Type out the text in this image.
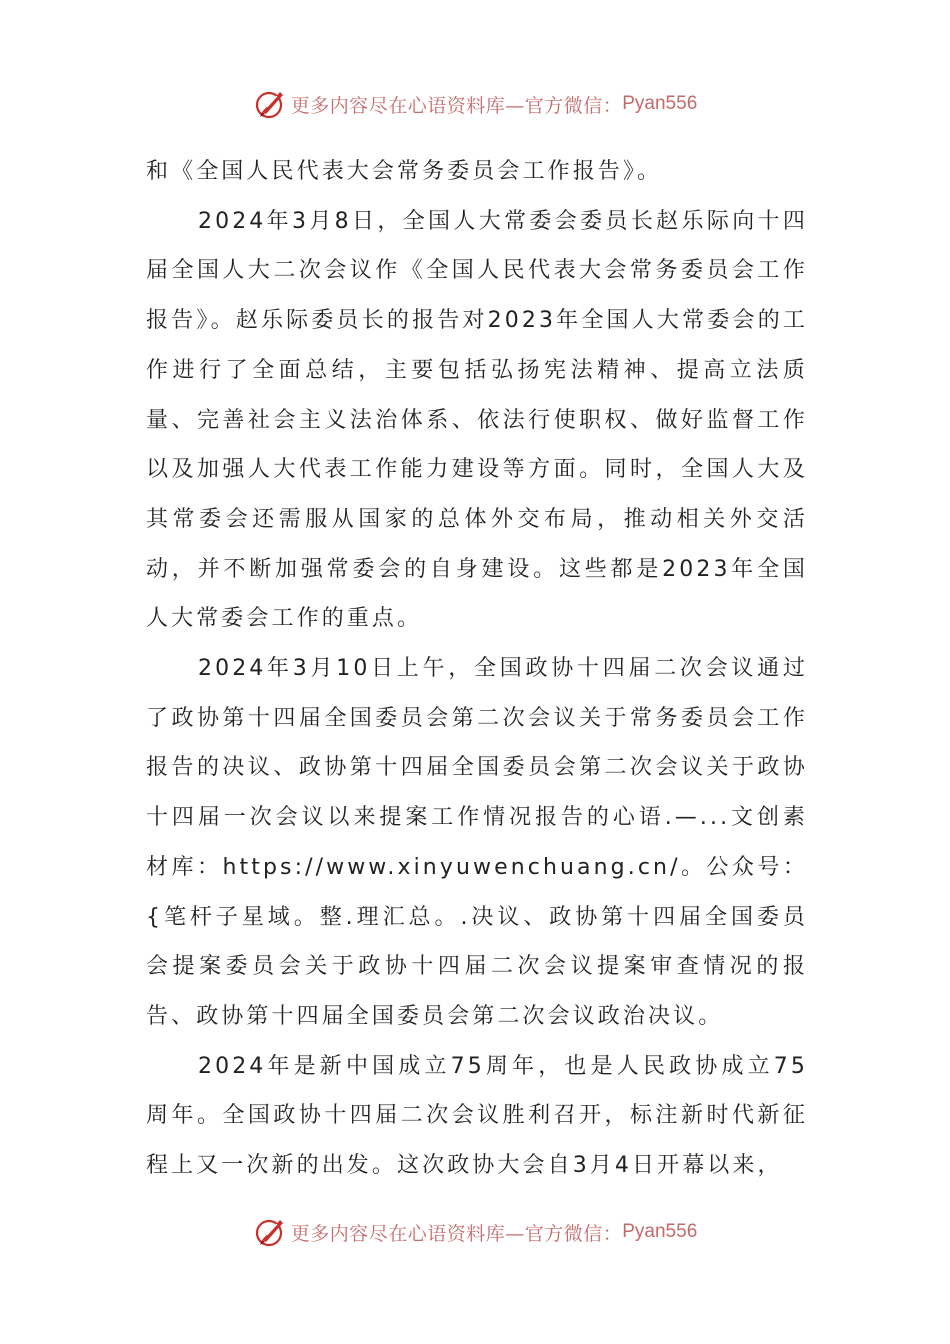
更多内容尽在心语资料库—官方微信： Pyan556

和《全国人民代表大会常务委员会工作报告》。

2024年3月8日，全国人大常委会委员长赵乐际向十四届全国人大二次会议作《全国人民代表大会常务委员会工作报告》。赵乐际委员长的报告对2023年全国人大常委会的工作进行了全面总结，主要包括弘扬宪法精神、提高立法质量、完善社会主义法治体系、依法行使职权、做好监督工作以及加强人大代表工作能力建设等方面。同时，全国人大及其常委会还需服从国家的总体外交布局，推动相关外交活动，并不断加强常委会的自身建设。这些都是2023年全国人大常委会工作的重点。

2024年3月10日上午，全国政协十四届二次会议通过了政协第十四届全国委员会第二次会议关于常务委员会工作报告的决议、政协第十四届全国委员会第二次会议关于政协十四届一次会议以来提案工作情况报告的心语.—...文创素材库：https://www.xinyuwenchuang.cn/。公众号：{笔杆子星域。整.理汇总。.决议、政协第十四届全国委员会提案委员会关于政协十四届二次会议提案审查情况的报告、政协第十四届全国委员会第二次会议政治决议。

2024年是新中国成立75周年，也是人民政协成立75周年。全国政协十四届二次会议胜利召开，标注新时代新征程上又一次新的出发。这次政协大会自3月4日开幕以来，

更多内容尽在心语资料库—官方微信： Pyan556
